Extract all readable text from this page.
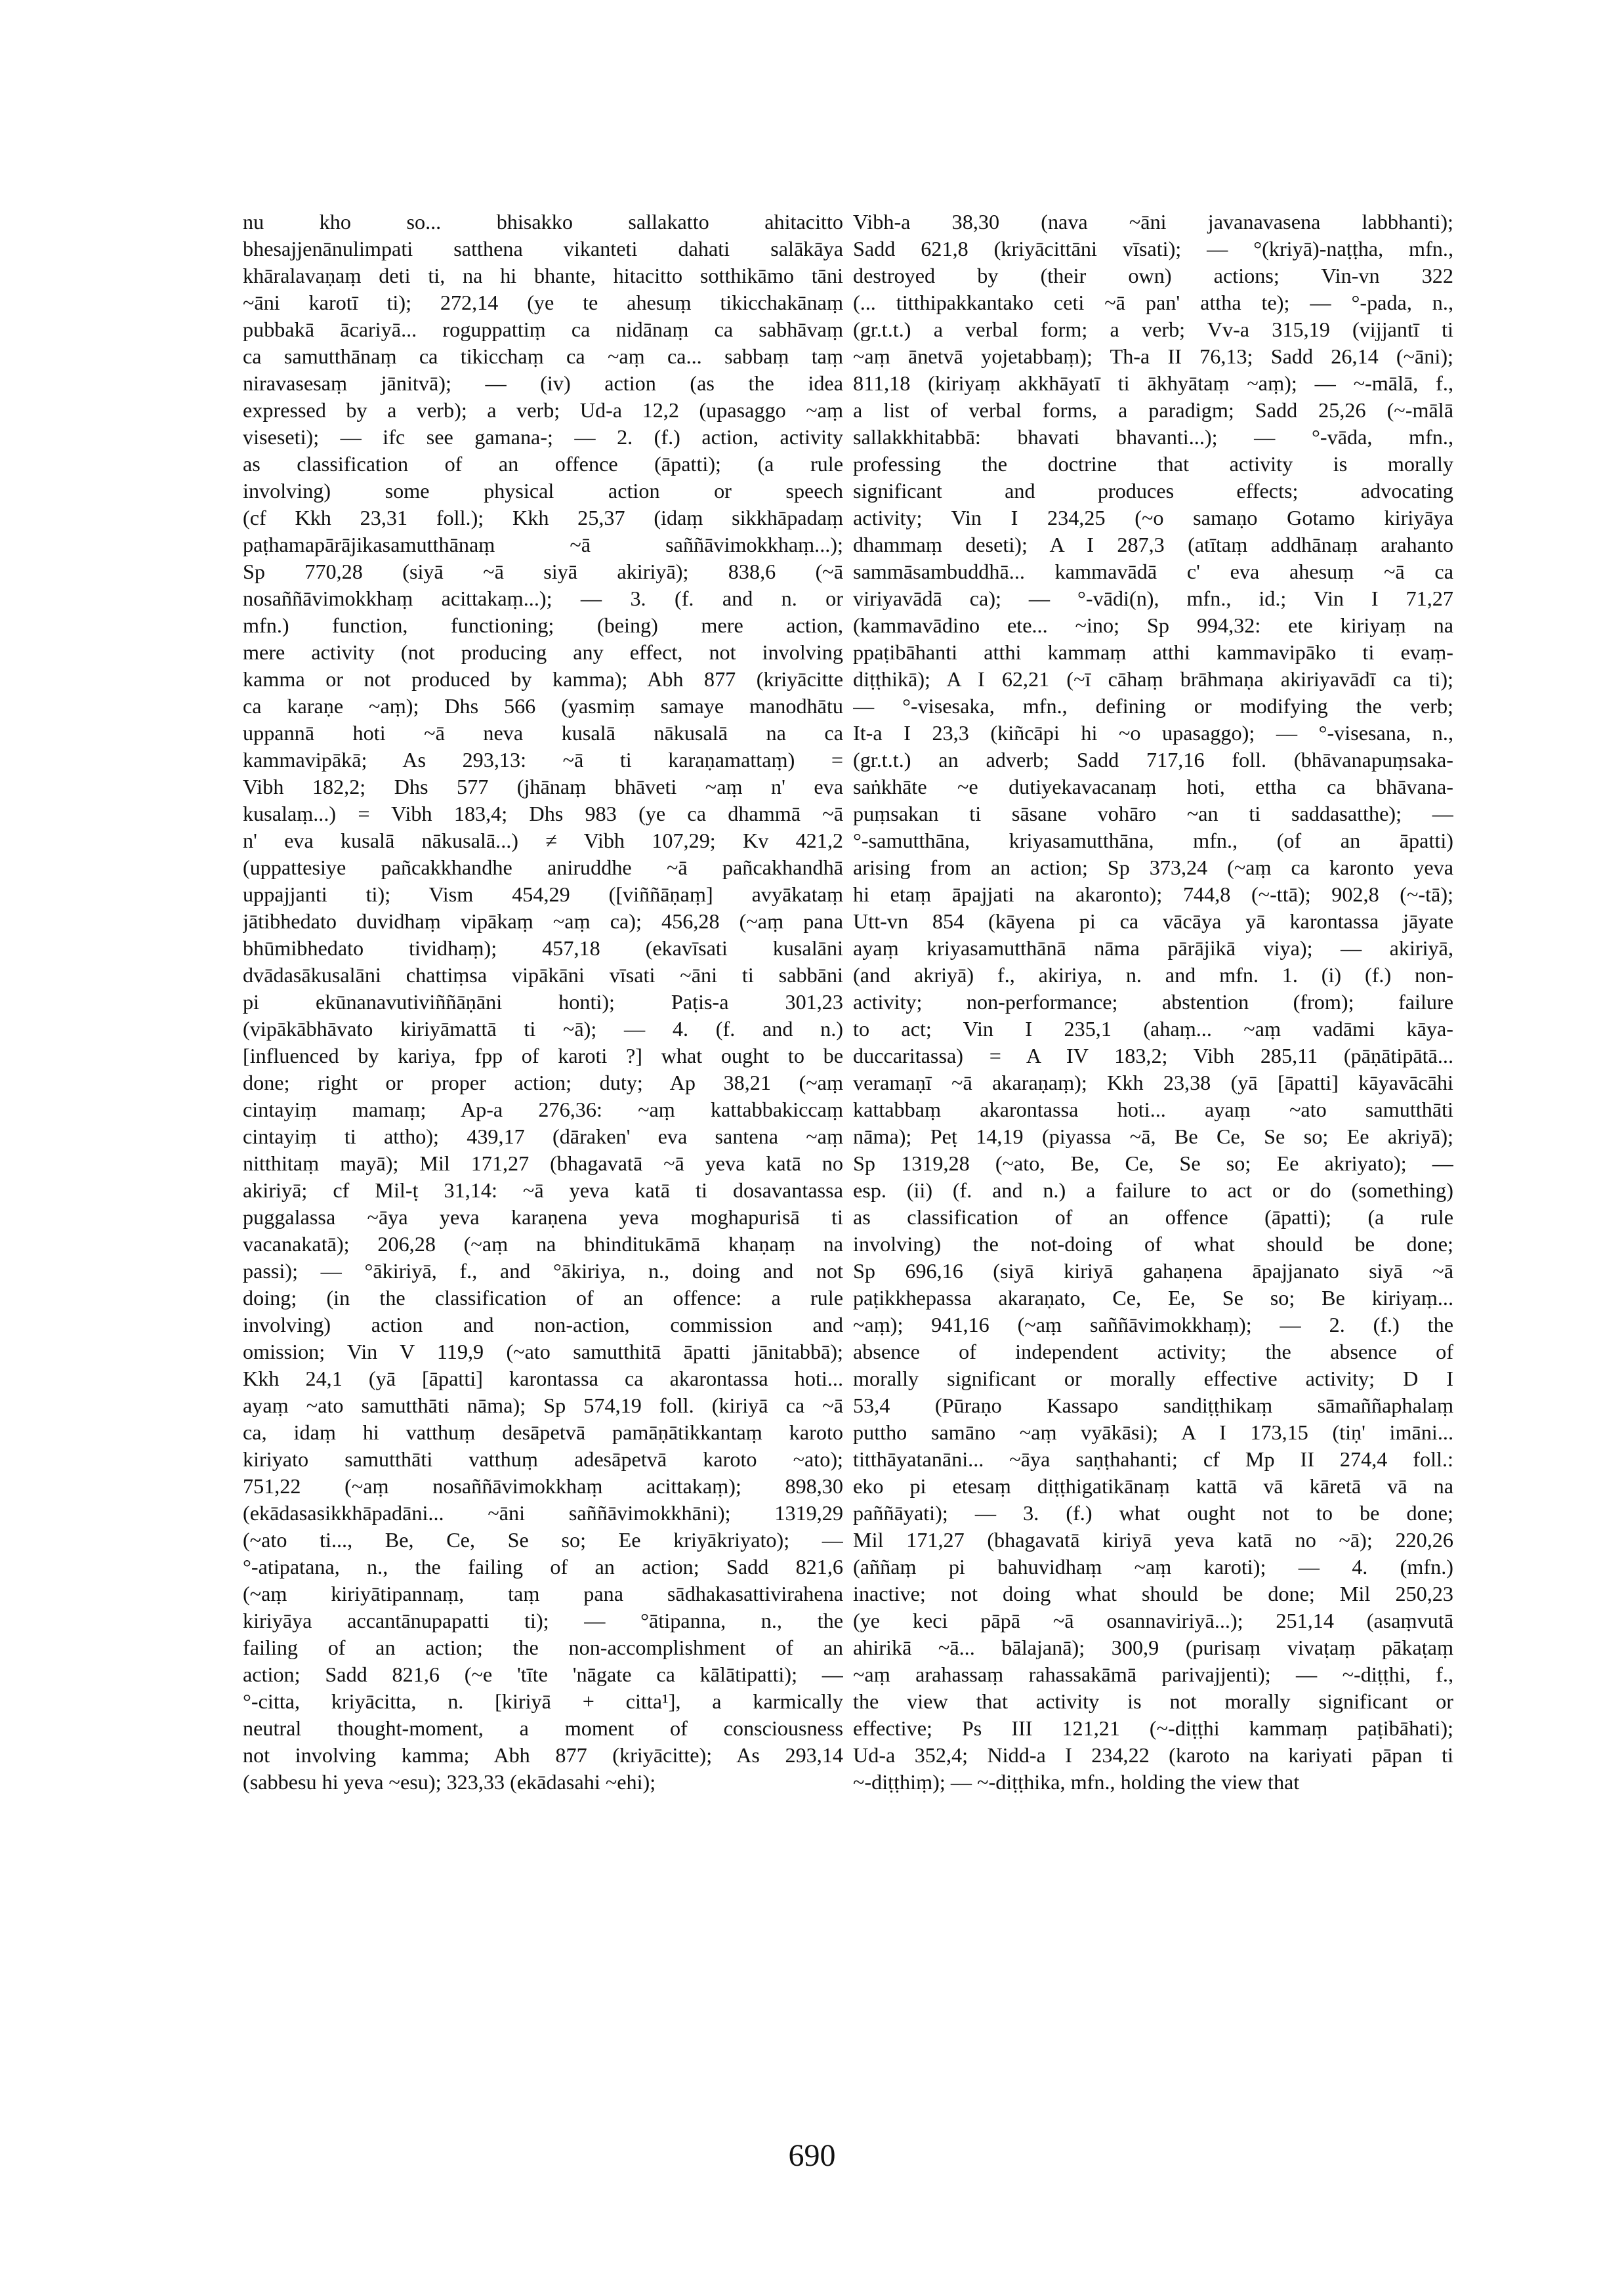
nu kho so... bhisakko sallakatto ahitacitto
bhesajjenānulimpati satthena vikanteti dahati salākāya
khāralavaṇaṃ deti ti, na hi bhante, hitacitto sotthikāmo tāni
~āni karotī ti); 272,14 (ye te ahesuṃ tikicchakānaṃ
pubbakā ācariyā... roguppattiṃ ca nidānaṃ ca sabhāvaṃ
ca samutthānaṃ ca tikicchaṃ ca ~aṃ ca... sabbaṃ taṃ
niravasesaṃ jānitvā); — (iv) action (as the idea
expressed by a verb); a verb; Ud-a 12,2 (upasaggo ~aṃ
viseseti); — ifc see gamana-; — 2. (f.) action, activity
as classification of an offence (āpatti); (a rule
involving) some physical action or speech
(cf Kkh 23,31 foll.); Kkh 25,37 (idaṃ sikkhāpadaṃ
paṭhamapārājikasamutthānaṃ ~ā saññāvimokkhaṃ...);
Sp 770,28 (siyā ~ā siyā akiriyā); 838,6 (~ā
nosaññāvimokkhaṃ acittakaṃ...); — 3. (f. and n. or
mfn.) function, functioning; (being) mere action,
mere activity (not producing any effect, not involving
kamma or not produced by kamma); Abh 877 (kriyācitte
ca karaṇe ~aṃ); Dhs 566 (yasmiṃ samaye manodhātu
uppannā hoti ~ā neva kusalā nākusalā na ca
kammavipākā; As 293,13: ~ā ti karaṇamattaṃ) =
Vibh 182,2; Dhs 577 (jhānaṃ bhāveti ~aṃ n' eva
kusalaṃ...) = Vibh 183,4; Dhs 983 (ye ca dhammā ~ā
n' eva kusalā nākusalā...) ≠ Vibh 107,29; Kv 421,2
(uppattesiye pañcakkhandhe aniruddhe ~ā pañcakhandhā
uppajjanti ti); Vism 454,29 ([viññāṇaṃ] avyākataṃ
jātibhedato duvidhaṃ vipākaṃ ~aṃ ca); 456,28 (~aṃ pana
bhūmibhedato tividhaṃ); 457,18 (ekavīsati kusalāni
dvādasākusalāni chattiṃsa vipākāni vīsati ~āni ti sabbāni
pi ekūnanavutiviññāṇāni honti); Paṭis-a 301,23
(vipākābhāvato kiriyāmattā ti ~ā); — 4. (f. and n.)
[influenced by kariya, fpp of karoti ?] what ought to be
done; right or proper action; duty; Ap 38,21 (~aṃ
cintayiṃ mamaṃ; Ap-a 276,36: ~aṃ kattabbakiccaṃ
cintayiṃ ti attho); 439,17 (dāraken' eva santena ~aṃ
nitthitaṃ mayā); Mil 171,27 (bhagavatā ~ā yeva katā no
akiriyā; cf Mil-ṭ 31,14: ~ā yeva katā ti dosavantassa
puggalassa ~āya yeva karaṇena yeva moghapurisā ti
vacanakatā); 206,28 (~aṃ na bhinditukāmā khaṇaṃ na
passi); — °ākiriyā, f., and °ākiriya, n., doing and not
doing; (in the classification of an offence: a rule
involving) action and non-action, commission and
omission; Vin V 119,9 (~ato samutthitā āpatti jānitabbā);
Kkh 24,1 (yā [āpatti] karontassa ca akarontassa hoti...
ayaṃ ~ato samutthāti nāma); Sp 574,19 foll. (kiriyā ca ~ā
ca, idaṃ hi vatthuṃ desāpetvā pamāṇātikkantaṃ karoto
kiriyato samutthāti vatthuṃ adesāpetvā karoto ~ato);
751,22 (~aṃ nosaññāvimokkhaṃ acittakaṃ); 898,30
(ekādasasikkhāpadāni... ~āni saññāvimokkhāni); 1319,29
(~ato ti..., Be, Ce, Se so; Ee kriyākriyato); —
°-atipatana, n., the failing of an action; Sadd 821,6
(~aṃ kiriyātipannaṃ, taṃ pana sādhakasattivirahena
kiriyāya accantānupapatti ti); — °ātipanna, n., the
failing of an action; the non-accomplishment of an
action; Sadd 821,6 (~e 'tīte 'nāgate ca kālātipatti); —
°-citta, kriyācitta, n. [kiriyā + citta¹], a karmically
neutral thought-moment, a moment of consciousness
not involving kamma; Abh 877 (kriyācitte); As 293,14
(sabbesu hi yeva ~esu); 323,33 (ekādasahi ~ehi);
Vibh-a 38,30 (nava ~āni javanavasena labbhanti);
Sadd 621,8 (kriyācittāni vīsati); — °(kriyā)-naṭṭha, mfn.,
destroyed by (their own) actions; Vin-vn 322
(... titthipakkantako ceti ~ā pan' attha te); — °-pada, n.,
(gr.t.t.) a verbal form; a verb; Vv-a 315,19 (vijjantī ti
~aṃ ānetvā yojetabbaṃ); Th-a II 76,13; Sadd 26,14 (~āni);
811,18 (kiriyaṃ akkhāyatī ti ākhyātaṃ ~aṃ); — ~-mālā, f.,
a list of verbal forms, a paradigm; Sadd 25,26 (~-mālā
sallakkhitabbā: bhavati bhavanti...); — °-vāda, mfn.,
professing the doctrine that activity is morally
significant and produces effects; advocating
activity; Vin I 234,25 (~o samaṇo Gotamo kiriyāya
dhammaṃ deseti); A I 287,3 (atītaṃ addhānaṃ arahanto
sammāsambuddhā... kammavādā c' eva ahesuṃ ~ā ca
viriyavādā ca); — °-vādi(n), mfn., id.; Vin I 71,27
(kammavādino ete... ~ino; Sp 994,32: ete kiriyaṃ na
ppaṭibāhanti atthi kammaṃ atthi kammavipāko ti evaṃ-
diṭṭhikā); A I 62,21 (~ī cāhaṃ brāhmaṇa akiriyavādī ca ti);
— °-visesaka, mfn., defining or modifying the verb;
It-a I 23,3 (kiñcāpi hi ~o upasaggo); — °-visesana, n.,
(gr.t.t.) an adverb; Sadd 717,16 foll. (bhāvanapuṃsaka-
saṅkhāte ~e dutiyekavacanaṃ hoti, ettha ca bhāvana-
puṃsakan ti sāsane vohāro ~an ti saddasatthe); —
°-samutthāna, kriyasamutthāna, mfn., (of an āpatti)
arising from an action; Sp 373,24 (~aṃ ca karonto yeva
hi etaṃ āpajjati na akaronto); 744,8 (~-ttā); 902,8 (~-tā);
Utt-vn 854 (kāyena pi ca vācāya yā karontassa jāyate
ayaṃ kriyasamutthānā nāma pārājikā viya); — akiriyā,
(and akriyā) f., akiriya, n. and mfn. 1. (i) (f.) non-
activity; non-performance; abstention (from); failure
to act; Vin I 235,1 (ahaṃ... ~aṃ vadāmi kāya-
duccaritassa) = A IV 183,2; Vibh 285,11 (pāṇātipātā...
veramaṇī ~ā akaraṇaṃ); Kkh 23,38 (yā [āpatti] kāyavācāhi
kattabbaṃ akarontassa hoti... ayaṃ ~ato samutthāti
nāma); Peṭ 14,19 (piyassa ~ā, Be Ce, Se so; Ee akriyā);
Sp 1319,28 (~ato, Be, Ce, Se so; Ee akriyato); —
esp. (ii) (f. and n.) a failure to act or do (something)
as classification of an offence (āpatti); (a rule
involving) the not-doing of what should be done;
Sp 696,16 (siyā kiriyā gahaṇena āpajjanato siyā ~ā
paṭikkhepassa akaraṇato, Ce, Ee, Se so; Be kiriyaṃ...
~aṃ); 941,16 (~aṃ saññāvimokkhaṃ); — 2. (f.) the
absence of independent activity; the absence of
morally significant or morally effective activity; D I
53,4 (Pūraṇo Kassapo sandiṭṭhikaṃ sāmaññaphalaṃ
puttho samāno ~aṃ vyākāsi); A I 173,15 (tiṇ' imāni...
titthāyatanāni... ~āya saṇṭhahanti; cf Mp II 274,4 foll.:
eko pi etesaṃ diṭṭhigatikānaṃ kattā vā kāretā vā na
paññāyati); — 3. (f.) what ought not to be done;
Mil 171,27 (bhagavatā kiriyā yeva katā no ~ā); 220,26
(aññaṃ pi bahuvidhaṃ ~aṃ karoti); — 4. (mfn.)
inactive; not doing what should be done; Mil 250,23
(ye keci pāpā ~ā osannaviriyā...); 251,14 (asaṃvutā
ahirikā ~ā... bālajanā); 300,9 (purisaṃ vivaṭaṃ pākaṭaṃ
~aṃ arahassaṃ rahassakāmā parivajjenti); — ~-diṭṭhi, f.,
the view that activity is not morally significant or
effective; Ps III 121,21 (~-diṭṭhi kammaṃ paṭibāhati);
Ud-a 352,4; Nidd-a I 234,22 (karoto na kariyati pāpan ti
~-diṭṭhiṃ); — ~-diṭṭhika, mfn., holding the view that
690
